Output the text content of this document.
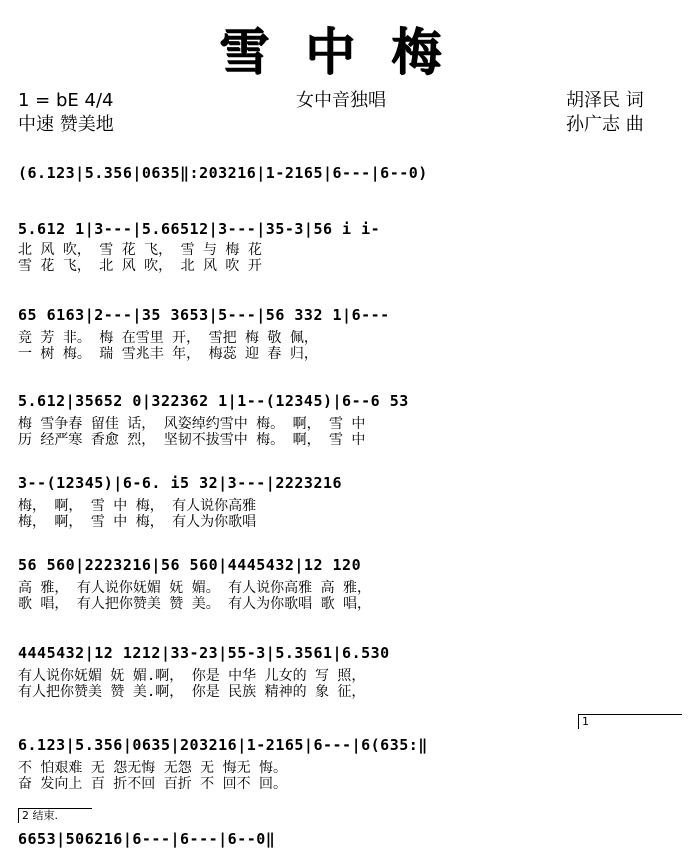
雪中梅
1 = bE 4/4
中速 赞美地
女中音独唱	胡泽民 词
孙广志 曲
(6.123|5.356|0635‖:203216|1-2165|6---|6--0)
5.612 1|3---|5.66512|3---|35-3|56 i i-
北 风 吹， 雪 花 飞， 雪 与 梅 花
雪 花 飞， 北 风 吹， 北 风 吹 开
65 6163|2---|35 3653|5---|56 332 1|6---
竞 芳 非。 梅 在雪里 开， 雪把 梅 敬 佩，
一 树 梅。 瑞 雪兆丰 年， 梅蕊 迎 春 归，
5.612|35652 0|322362 1|1--(12345)|6--6 53
梅 雪争春 留佳 话， 风姿绰约雪中 梅。 啊， 雪 中
历 经严寒 香愈 烈， 坚韧不拔雪中 梅。 啊， 雪 中
3--(12345)|6-6. i5 32|3---|2223216
梅， 啊， 雪 中 梅， 有人说你高雅
梅， 啊， 雪 中 梅， 有人为你歌唱
56 560|2223216|56 560|4445432|12 120
高 雅， 有人说你妩媚 妩 媚。 有人说你高雅 高 雅，
歌 唱， 有人把你赞美 赞 美。 有人为你歌唱 歌 唱，
4445432|12 1212|33-23|55-3|5.3561|6.530
有人说你妩媚 妩 媚.啊， 你是 中华 儿女的 写 照，
有人把你赞美 赞 美.啊， 你是 民族 精神的 象 征，
1
6.123|5.356|0635|203216|1-2165|6---|6(635:‖
不 怕艰难 无 怨无悔 无怨 无 悔无 悔。
奋 发向上 百 折不回 百折 不 回不 回。
2 结束.
6653|506216|6---|6---|6--0‖
